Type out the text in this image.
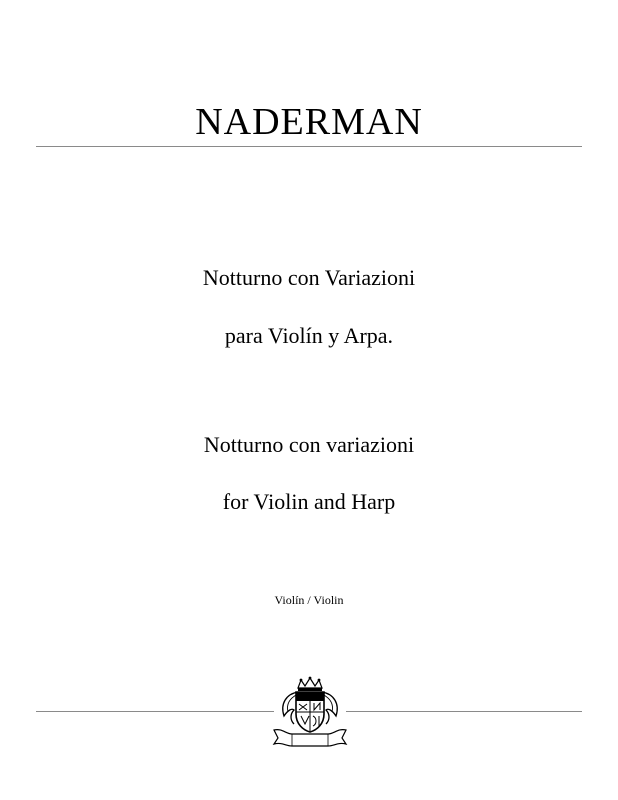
NADERMAN
Notturno con Variazioni
para Violín y Arpa.
Notturno con variazioni
for Violin and Harp
Violín / Violin
